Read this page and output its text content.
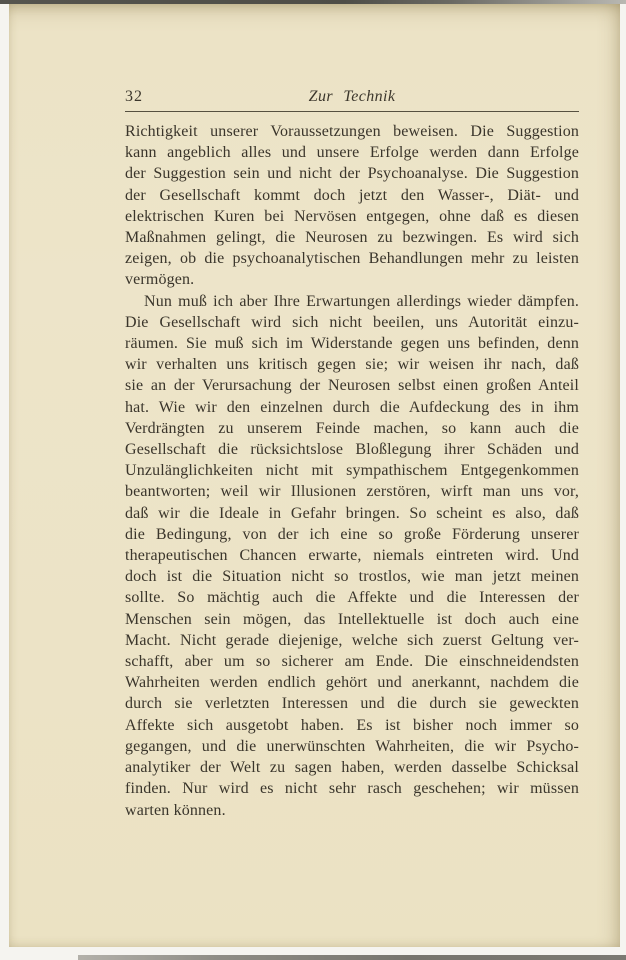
32	Zur Technik
Richtigkeit unserer Voraussetzungen beweisen. Die Suggestion
kann angeblich alles und unsere Erfolge werden dann Erfolge
der Suggestion sein und nicht der Psychoanalyse. Die Suggestion
der Gesellschaft kommt doch jetzt den Wasser-, Diät- und
elektrischen Kuren bei Nervösen entgegen, ohne daß es diesen
Maßnahmen gelingt, die Neurosen zu bezwingen. Es wird sich
zeigen, ob die psychoanalytischen Behandlungen mehr zu leisten
vermögen.
Nun muß ich aber Ihre Erwartungen allerdings wieder dämpfen.
Die Gesellschaft wird sich nicht beeilen, uns Autorität einzu-
räumen. Sie muß sich im Widerstande gegen uns befinden, denn
wir verhalten uns kritisch gegen sie; wir weisen ihr nach, daß
sie an der Verursachung der Neurosen selbst einen großen Anteil
hat. Wie wir den einzelnen durch die Aufdeckung des in ihm
Verdrängten zu unserem Feinde machen, so kann auch die
Gesellschaft die rücksichtslose Bloßlegung ihrer Schäden und
Unzulänglichkeiten nicht mit sympathischem Entgegenkommen
beantworten; weil wir Illusionen zerstören, wirft man uns vor,
daß wir die Ideale in Gefahr bringen. So scheint es also, daß
die Bedingung, von der ich eine so große Förderung unserer
therapeutischen Chancen erwarte, niemals eintreten wird. Und
doch ist die Situation nicht so trostlos, wie man jetzt meinen
sollte. So mächtig auch die Affekte und die Interessen der
Menschen sein mögen, das Intellektuelle ist doch auch eine
Macht. Nicht gerade diejenige, welche sich zuerst Geltung ver-
schafft, aber um so sicherer am Ende. Die einschneidendsten
Wahrheiten werden endlich gehört und anerkannt, nachdem die
durch sie verletzten Interessen und die durch sie geweckten
Affekte sich ausgetobt haben. Es ist bisher noch immer so
gegangen, und die unerwünschten Wahrheiten, die wir Psycho-
analytiker der Welt zu sagen haben, werden dasselbe Schicksal
finden. Nur wird es nicht sehr rasch geschehen; wir müssen
warten können.
